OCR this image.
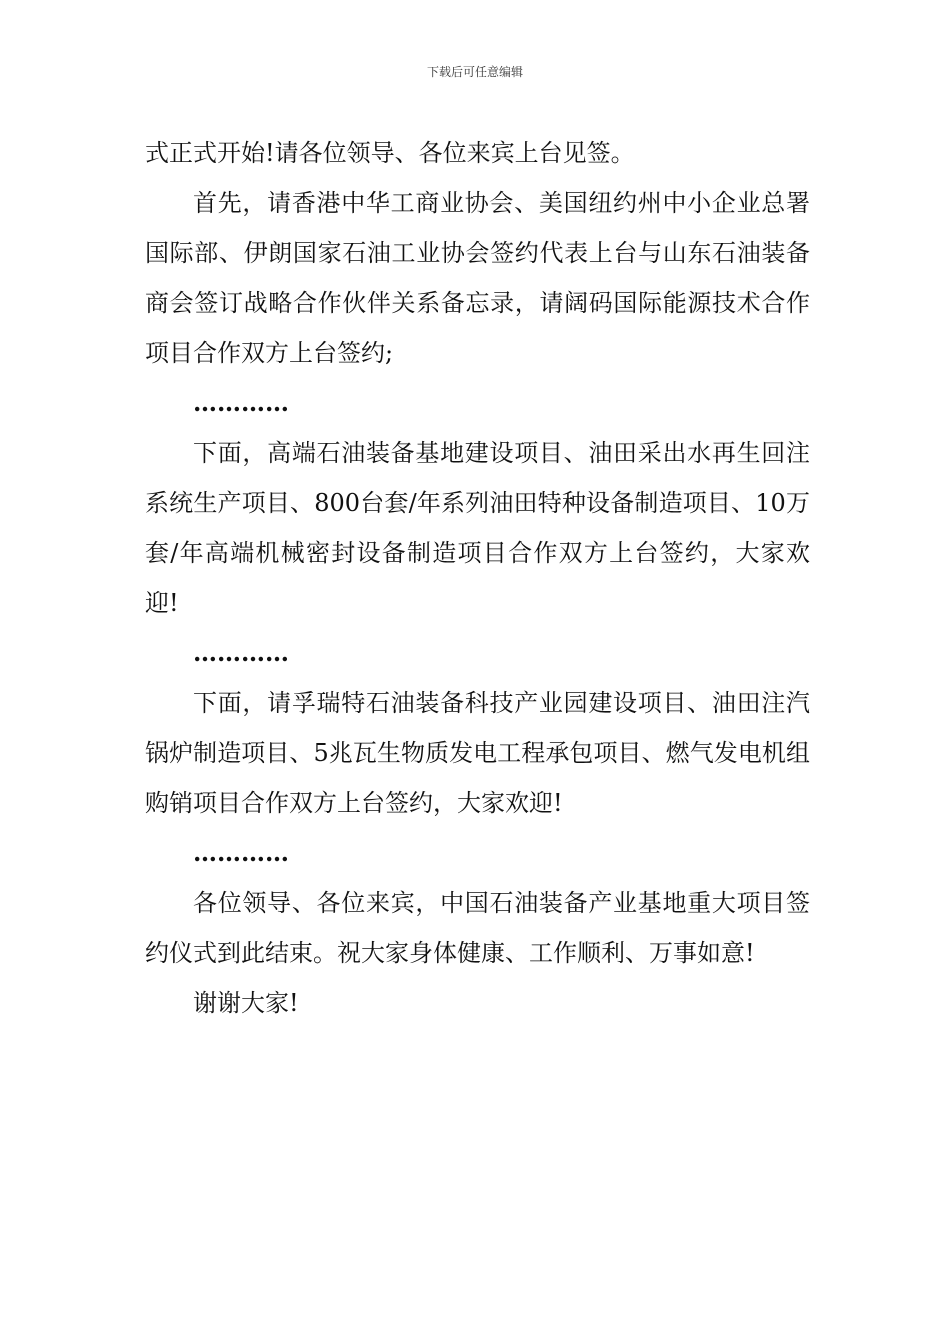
下载后可任意编辑

式正式开始!请各位领导、各位来宾上台见签。

首先，请香港中华工商业协会、美国纽约州中小企业总署国际部、伊朗国家石油工业协会签约代表上台与山东石油装备商会签订战略合作伙伴关系备忘录，请阔码国际能源技术合作项目合作双方上台签约;

…………

下面，高端石油装备基地建设项目、油田采出水再生回注系统生产项目、800台套/年系列油田特种设备制造项目、10万套/年高端机械密封设备制造项目合作双方上台签约，大家欢迎!

…………

下面，请孚瑞特石油装备科技产业园建设项目、油田注汽锅炉制造项目、5兆瓦生物质发电工程承包项目、燃气发电机组购销项目合作双方上台签约，大家欢迎!

…………

各位领导、各位来宾，中国石油装备产业基地重大项目签约仪式到此结束。祝大家身体健康、工作顺利、万事如意!

谢谢大家!
